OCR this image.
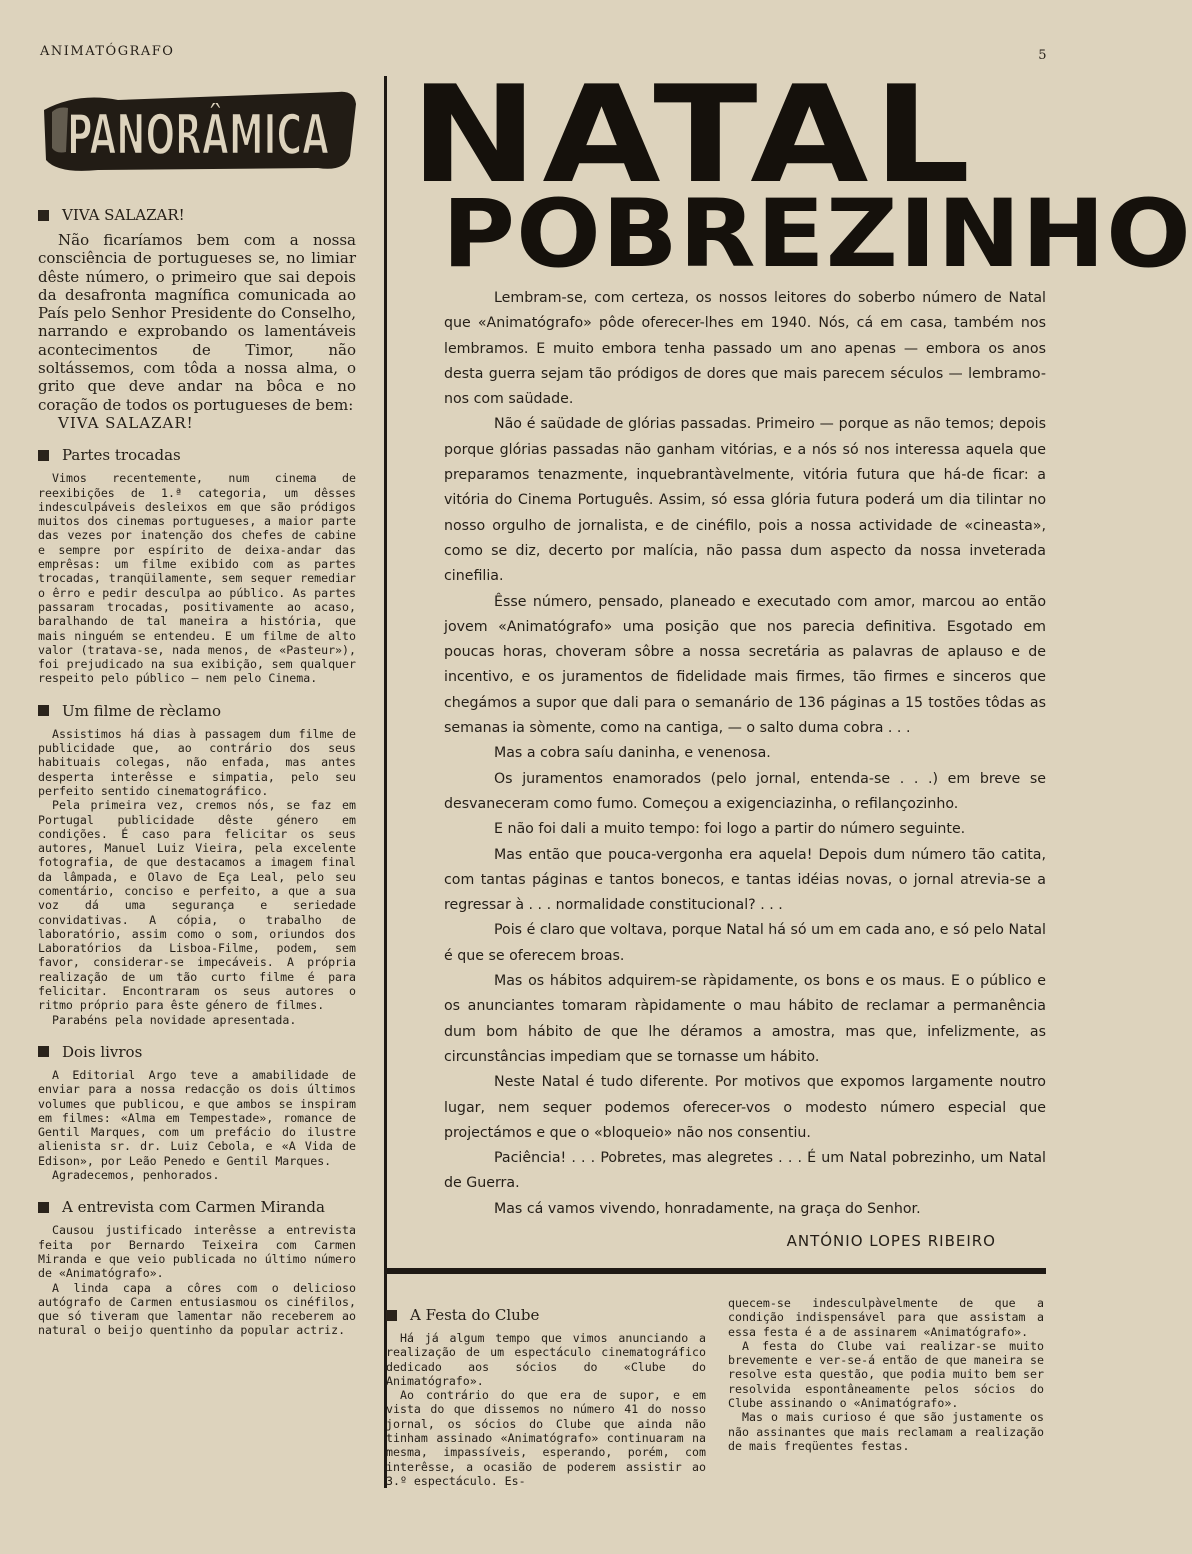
ANIMATÓGRAFO	5
PANORÂMICA
VIVA SALAZAR!

Não ficaríamos bem com a nossa consciência de portugueses se, no limiar dêste número, o primeiro que sai depois da desafronta magnífica comunicada ao País pelo Senhor Presidente do Conselho, narrando e exprobando os lamentáveis acontecimentos de Timor, não soltássemos, com tôda a nossa alma, o grito que deve andar na bôca e no coração de todos os portugueses de bem:

VIVA SALAZAR!

Partes trocadas

Vimos recentemente, num cinema de reexibições de 1.ª categoria, um dêsses indesculpáveis desleixos em que são pródigos muitos dos cinemas portugueses, a maior parte das vezes por inatenção dos chefes de cabine e sempre por espírito de deixa-andar das emprêsas: um filme exibido com as partes trocadas, tranqüilamente, sem sequer remediar o êrro e pedir desculpa ao público. As partes passaram trocadas, positivamente ao acaso, baralhando de tal maneira a história, que mais ninguém se entendeu. E um filme de alto valor (tratava-se, nada menos, de «Pasteur»), foi prejudicado na sua exibição, sem qualquer respeito pelo público — nem pelo Cinema.

Um filme de rèclamo

Assistimos há dias à passagem dum filme de publicidade que, ao contrário dos seus habituais colegas, não enfada, mas antes desperta interêsse e simpatia, pelo seu perfeito sentido cinematográfico.

Pela primeira vez, cremos nós, se faz em Portugal publicidade dêste género em condições. É caso para felicitar os seus autores, Manuel Luiz Vieira, pela excelente fotografia, de que destacamos a imagem final da lâmpada, e Olavo de Eça Leal, pelo seu comentário, conciso e perfeito, a que a sua voz dá uma segurança e seriedade convidativas. A cópia, o trabalho de laboratório, assim como o som, oriundos dos Laboratórios da Lisboa-Filme, podem, sem favor, considerar-se impecáveis. A própria realização de um tão curto filme é para felicitar. Encontraram os seus autores o ritmo próprio para êste género de filmes.

Parabéns pela novidade apresentada.

Dois livros

A Editorial Argo teve a amabilidade de enviar para a nossa redacção os dois últimos volumes que publicou, e que ambos se inspiram em filmes: «Alma em Tempestade», romance de Gentil Marques, com um prefácio do ilustre alienista sr. dr. Luiz Cebola, e «A Vida de Edison», por Leão Penedo e Gentil Marques.

Agradecemos, penhorados.

A entrevista com Carmen Miranda

Causou justificado interêsse a entrevista feita por Bernardo Teixeira com Carmen Miranda e que veio publicada no último número de «Animatógrafo».

A linda capa a côres com o delicioso autógrafo de Carmen entusiasmou os cinéfilos, que só tiveram que lamentar não receberem ao natural o beijo quentinho da popular actriz.

NATAL
POBREZINHO

Lembram-se, com certeza, os nossos leitores do soberbo número de Natal que «Animatógrafo» pôde oferecer-lhes em 1940. Nós, cá em casa, também nos lembramos. E muito embora tenha passado um ano apenas — embora os anos desta guerra sejam tão pródigos de dores que mais parecem séculos — lembramo-nos com saüdade.

Não é saüdade de glórias passadas. Primeiro — porque as não temos; depois porque glórias passadas não ganham vitórias, e a nós só nos interessa aquela que preparamos tenazmente, inquebrantàvelmente, vitória futura que há-de ficar: a vitória do Cinema Português. Assim, só essa glória futura poderá um dia tilintar no nosso orgulho de jornalista, e de cinéfilo, pois a nossa actividade de «cineasta», como se diz, decerto por malícia, não passa dum aspecto da nossa inveterada cinefilia.

Êsse número, pensado, planeado e executado com amor, marcou ao então jovem «Animatógrafo» uma posição que nos parecia definitiva. Esgotado em poucas horas, choveram sôbre a nossa secretária as palavras de aplauso e de incentivo, e os juramentos de fidelidade mais firmes, tão firmes e sinceros que chegámos a supor que dali para o semanário de 136 páginas a 15 tostões tôdas as semanas ia sòmente, como na cantiga, — o salto duma cobra . . .

Mas a cobra saíu daninha, e venenosa.

Os juramentos enamorados (pelo jornal, entenda-se . . .) em breve se desvaneceram como fumo. Começou a exigenciazinha, o refilançozinho.

E não foi dali a muito tempo: foi logo a partir do número seguinte.

Mas então que pouca-vergonha era aquela! Depois dum número tão catita, com tantas páginas e tantos bonecos, e tantas idéias novas, o jornal atrevia-se a regressar à . . . normalidade constitucional? . . .

Pois é claro que voltava, porque Natal há só um em cada ano, e só pelo Natal é que se oferecem broas.

Mas os hábitos adquirem-se ràpidamente, os bons e os maus. E o público e os anunciantes tomaram ràpidamente o mau hábito de reclamar a permanência dum bom hábito de que lhe déramos a amostra, mas que, infelizmente, as circunstâncias impediam que se tornasse um hábito.

Neste Natal é tudo diferente. Por motivos que expomos largamente noutro lugar, nem sequer podemos oferecer-vos o modesto número especial que projectámos e que o «bloqueio» não nos consentiu.

Paciência! . . . Pobretes, mas alegretes . . . É um Natal pobrezinho, um Natal de Guerra.

Mas cá vamos vivendo, honradamente, na graça do Senhor.

ANTÓNIO LOPES RIBEIRO
A Festa do Clube

Há já algum tempo que vimos anunciando a realização de um espectáculo cinematográfico dedicado aos sócios do «Clube do Animatógrafo».

Ao contrário do que era de supor, e em vista do que dissemos no número 41 do nosso jornal, os sócios do Clube que ainda não tinham assinado «Animatógrafo» continuaram na mesma, impassíveis, esperando, porém, com interêsse, a ocasião de poderem assistir ao 3.º espectáculo. Es-

quecem-se indesculpàvelmente de que a condição indispensável para que assistam a essa festa é a de assinarem «Animatógrafo».

A festa do Clube vai realizar-se muito brevemente e ver-se-á então de que maneira se resolve esta questão, que podia muito bem ser resolvida espontâneamente pelos sócios do Clube assinando o «Animatógrafo».

Mas o mais curioso é que são justamente os não assinantes que mais reclamam a realização de mais freqüentes festas.
